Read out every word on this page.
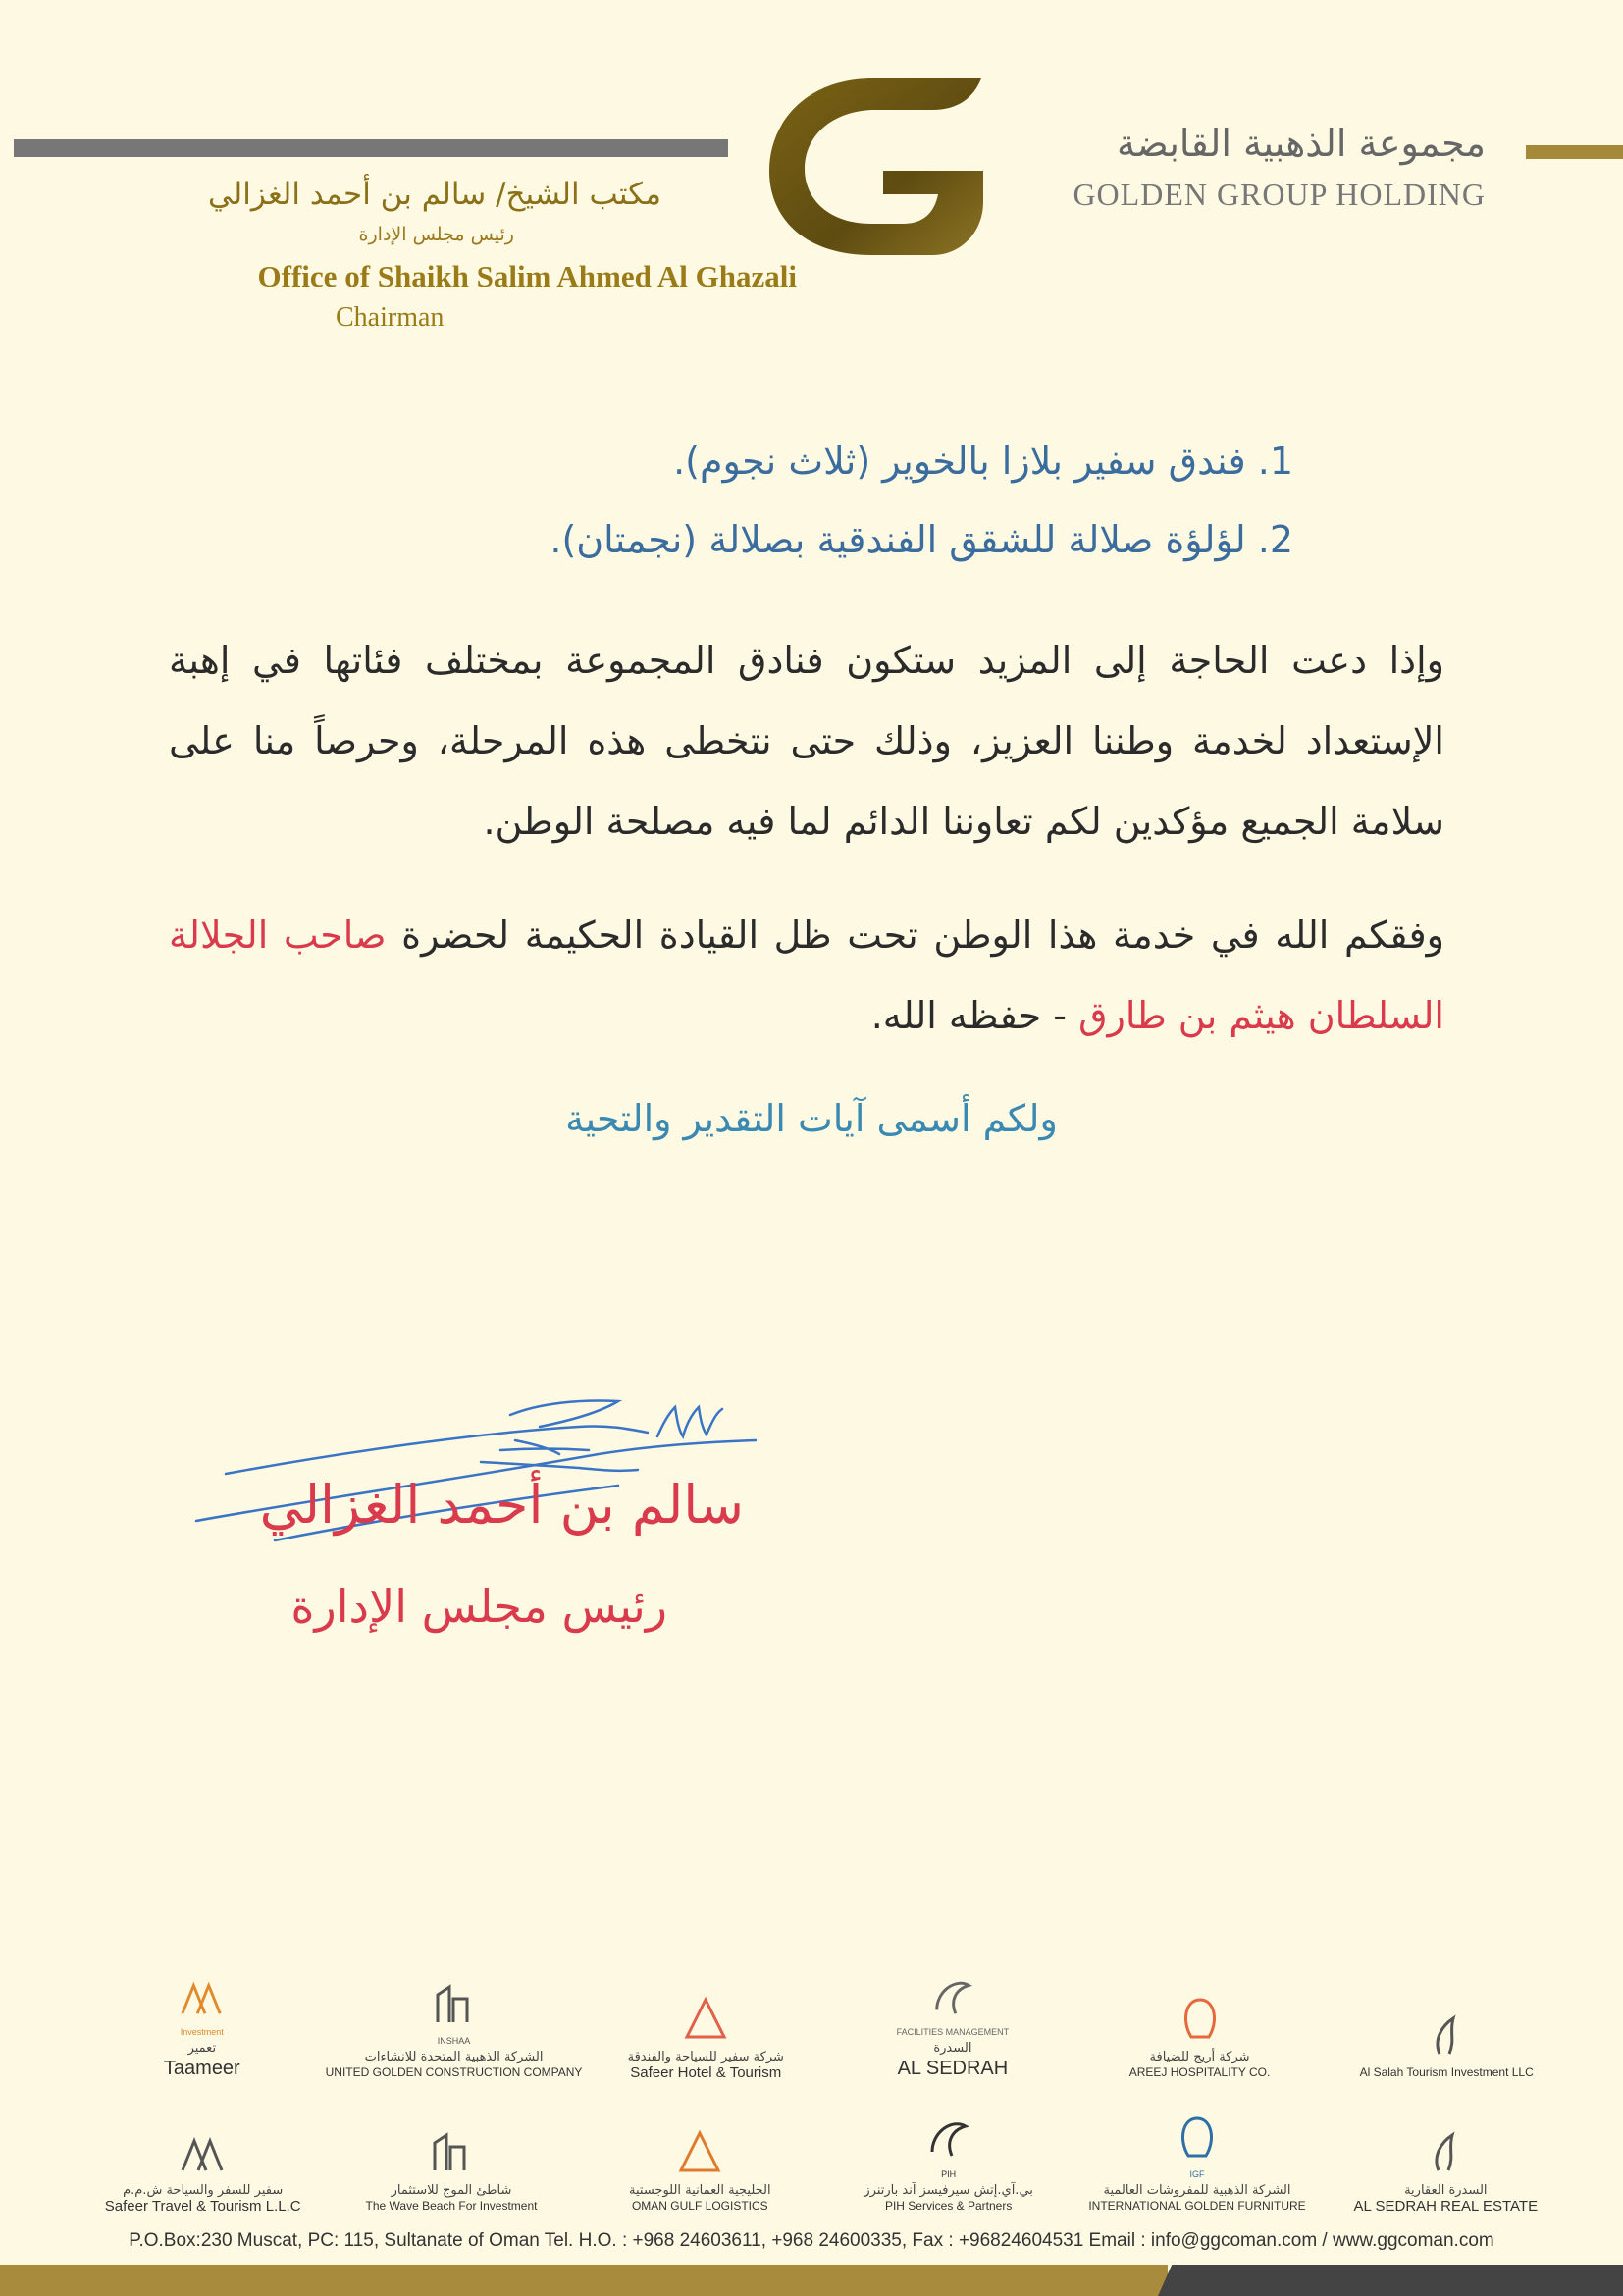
مجموعة الذهبية القابضة
GOLDEN GROUP HOLDING
مكتب الشيخ/ سالم بن أحمد الغزالي
رئيس مجلس الإدارة
Office of Shaikh Salim Ahmed Al Ghazali
Chairman
1. فندق سفير بلازا بالخوير (ثلاث نجوم).
2. لؤلؤة صلالة للشقق الفندقية بصلالة (نجمتان).

وإذا دعت الحاجة إلى المزيد ستكون فنادق المجموعة بمختلف فئاتها في إهبة الإستعداد لخدمة وطننا العزيز، وذلك حتى نتخطى هذه المرحلة، وحرصاً منا على سلامة الجميع مؤكدين لكم تعاوننا الدائم لما فيه مصلحة الوطن.

وفقكم الله في خدمة هذا الوطن تحت ظل القيادة الحكيمة لحضرة صاحب الجلالة السلطان هيثم بن طارق - حفظه الله.

ولكم أسمى آيات التقدير والتحية
سالم بن أحمد الغزالي
رئيس مجلس الإدارة
Investment
تعمير
Taameer
INSHAA
الشركة الذهبية المتحدة للانشاءات
UNITED GOLDEN CONSTRUCTION COMPANY
شركة سفير للسياحة والفندقة
Safeer Hotel & Tourism
FACILITIES MANAGEMENT
السدرة
AL SEDRAH
شركة أريج للضيافة
AREEJ HOSPITALITY CO.	Al Salah Tourism Investment LLC
سفير للسفر والسياحة ش.م.م
Safeer Travel & Tourism L.L.C
شاطئ الموج للاستثمار
The Wave Beach For Investment
الخليجية العمانية اللوجستية
OMAN GULF LOGISTICS
PIH
بي.آي.إتش سيرفيسز آند بارتنرز
PIH Services & Partners
IGF
الشركة الذهبية للمفروشات العالمية
INTERNATIONAL GOLDEN FURNITURE
السدرة العقارية
AL SEDRAH REAL ESTATE
P.O.Box:230 Muscat, PC: 115, Sultanate of Oman Tel. H.O. : +968 24603611, +968 24600335, Fax : +96824604531 Email : info@ggcoman.com / www.ggcoman.com
